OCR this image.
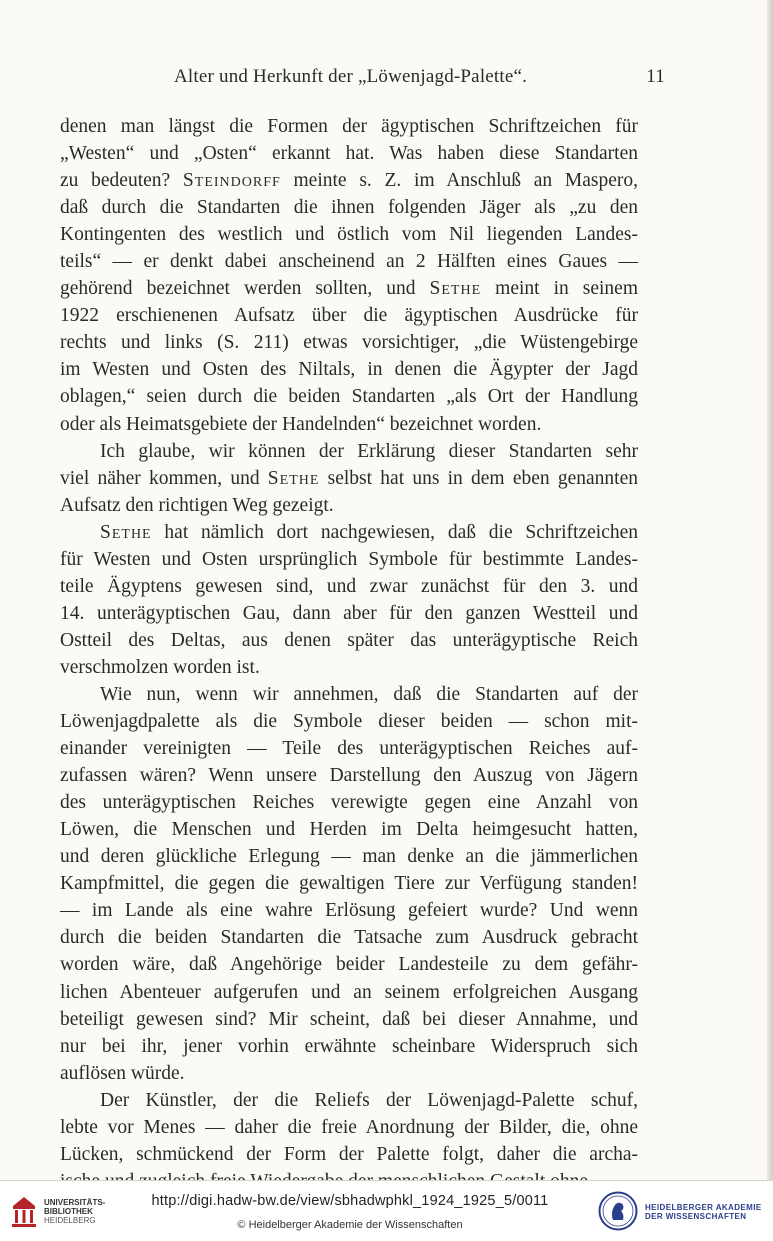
Alter und Herkunft der „Löwenjagd-Palette“.	11

denen man längst die Formen der ägyptischen Schriftzeichen für

„Westen“ und „Osten“ erkannt hat. Was haben diese Standarten

zu bedeuten? Steindorff meinte s. Z. im Anschluß an Maspero,

daß durch die Standarten die ihnen folgenden Jäger als „zu den

Kontingenten des westlich und östlich vom Nil liegenden Landes-

teils“ — er denkt dabei anscheinend an 2 Hälften eines Gaues —

gehörend bezeichnet werden sollten, und Sethe meint in seinem

1922 erschienenen Aufsatz über die ägyptischen Ausdrücke für

rechts und links (S. 211) etwas vorsichtiger, „die Wüstengebirge

im Westen und Osten des Niltals, in denen die Ägypter der Jagd

oblagen,“ seien durch die beiden Standarten „als Ort der Handlung

oder als Heimatsgebiete der Handelnden“ bezeichnet worden.

Ich glaube, wir können der Erklärung dieser Standarten sehr

viel näher kommen, und Sethe selbst hat uns in dem eben genannten

Aufsatz den richtigen Weg gezeigt.

Sethe hat nämlich dort nachgewiesen, daß die Schriftzeichen

für Westen und Osten ursprünglich Symbole für bestimmte Landes-

teile Ägyptens gewesen sind, und zwar zunächst für den 3. und

14. unterägyptischen Gau, dann aber für den ganzen Westteil und

Ostteil des Deltas, aus denen später das unterägyptische Reich

verschmolzen worden ist.

Wie nun, wenn wir annehmen, daß die Standarten auf der

Löwenjagdpalette als die Symbole dieser beiden — schon mit-

einander vereinigten — Teile des unterägyptischen Reiches auf-

zufassen wären? Wenn unsere Darstellung den Auszug von Jägern

des unterägyptischen Reiches verewigte gegen eine Anzahl von

Löwen, die Menschen und Herden im Delta heimgesucht hatten,

und deren glückliche Erlegung — man denke an die jämmerlichen

Kampfmittel, die gegen die gewaltigen Tiere zur Verfügung standen!

— im Lande als eine wahre Erlösung gefeiert wurde? Und wenn

durch die beiden Standarten die Tatsache zum Ausdruck gebracht

worden wäre, daß Angehörige beider Landesteile zu dem gefähr-

lichen Abenteuer aufgerufen und an seinem erfolgreichen Ausgang

beteiligt gewesen sind? Mir scheint, daß bei dieser Annahme, und

nur bei ihr, jener vorhin erwähnte scheinbare Widerspruch sich

auflösen würde.

Der Künstler, der die Reliefs der Löwenjagd-Palette schuf,

lebte vor Menes — daher die freie Anordnung der Bilder, die, ohne

Lücken, schmückend der Form der Palette folgt, daher die archa-

UNIVERSITÄTS-
BIBLIOTHEK
HEIDELBERG
http://digi.hadw-bw.de/view/sbhadwphkl_1924_1925_5/0011
© Heidelberger Akademie der Wissenschaften
HEIDELBERGER AKADEMIE
DER WISSENSCHAFTEN
